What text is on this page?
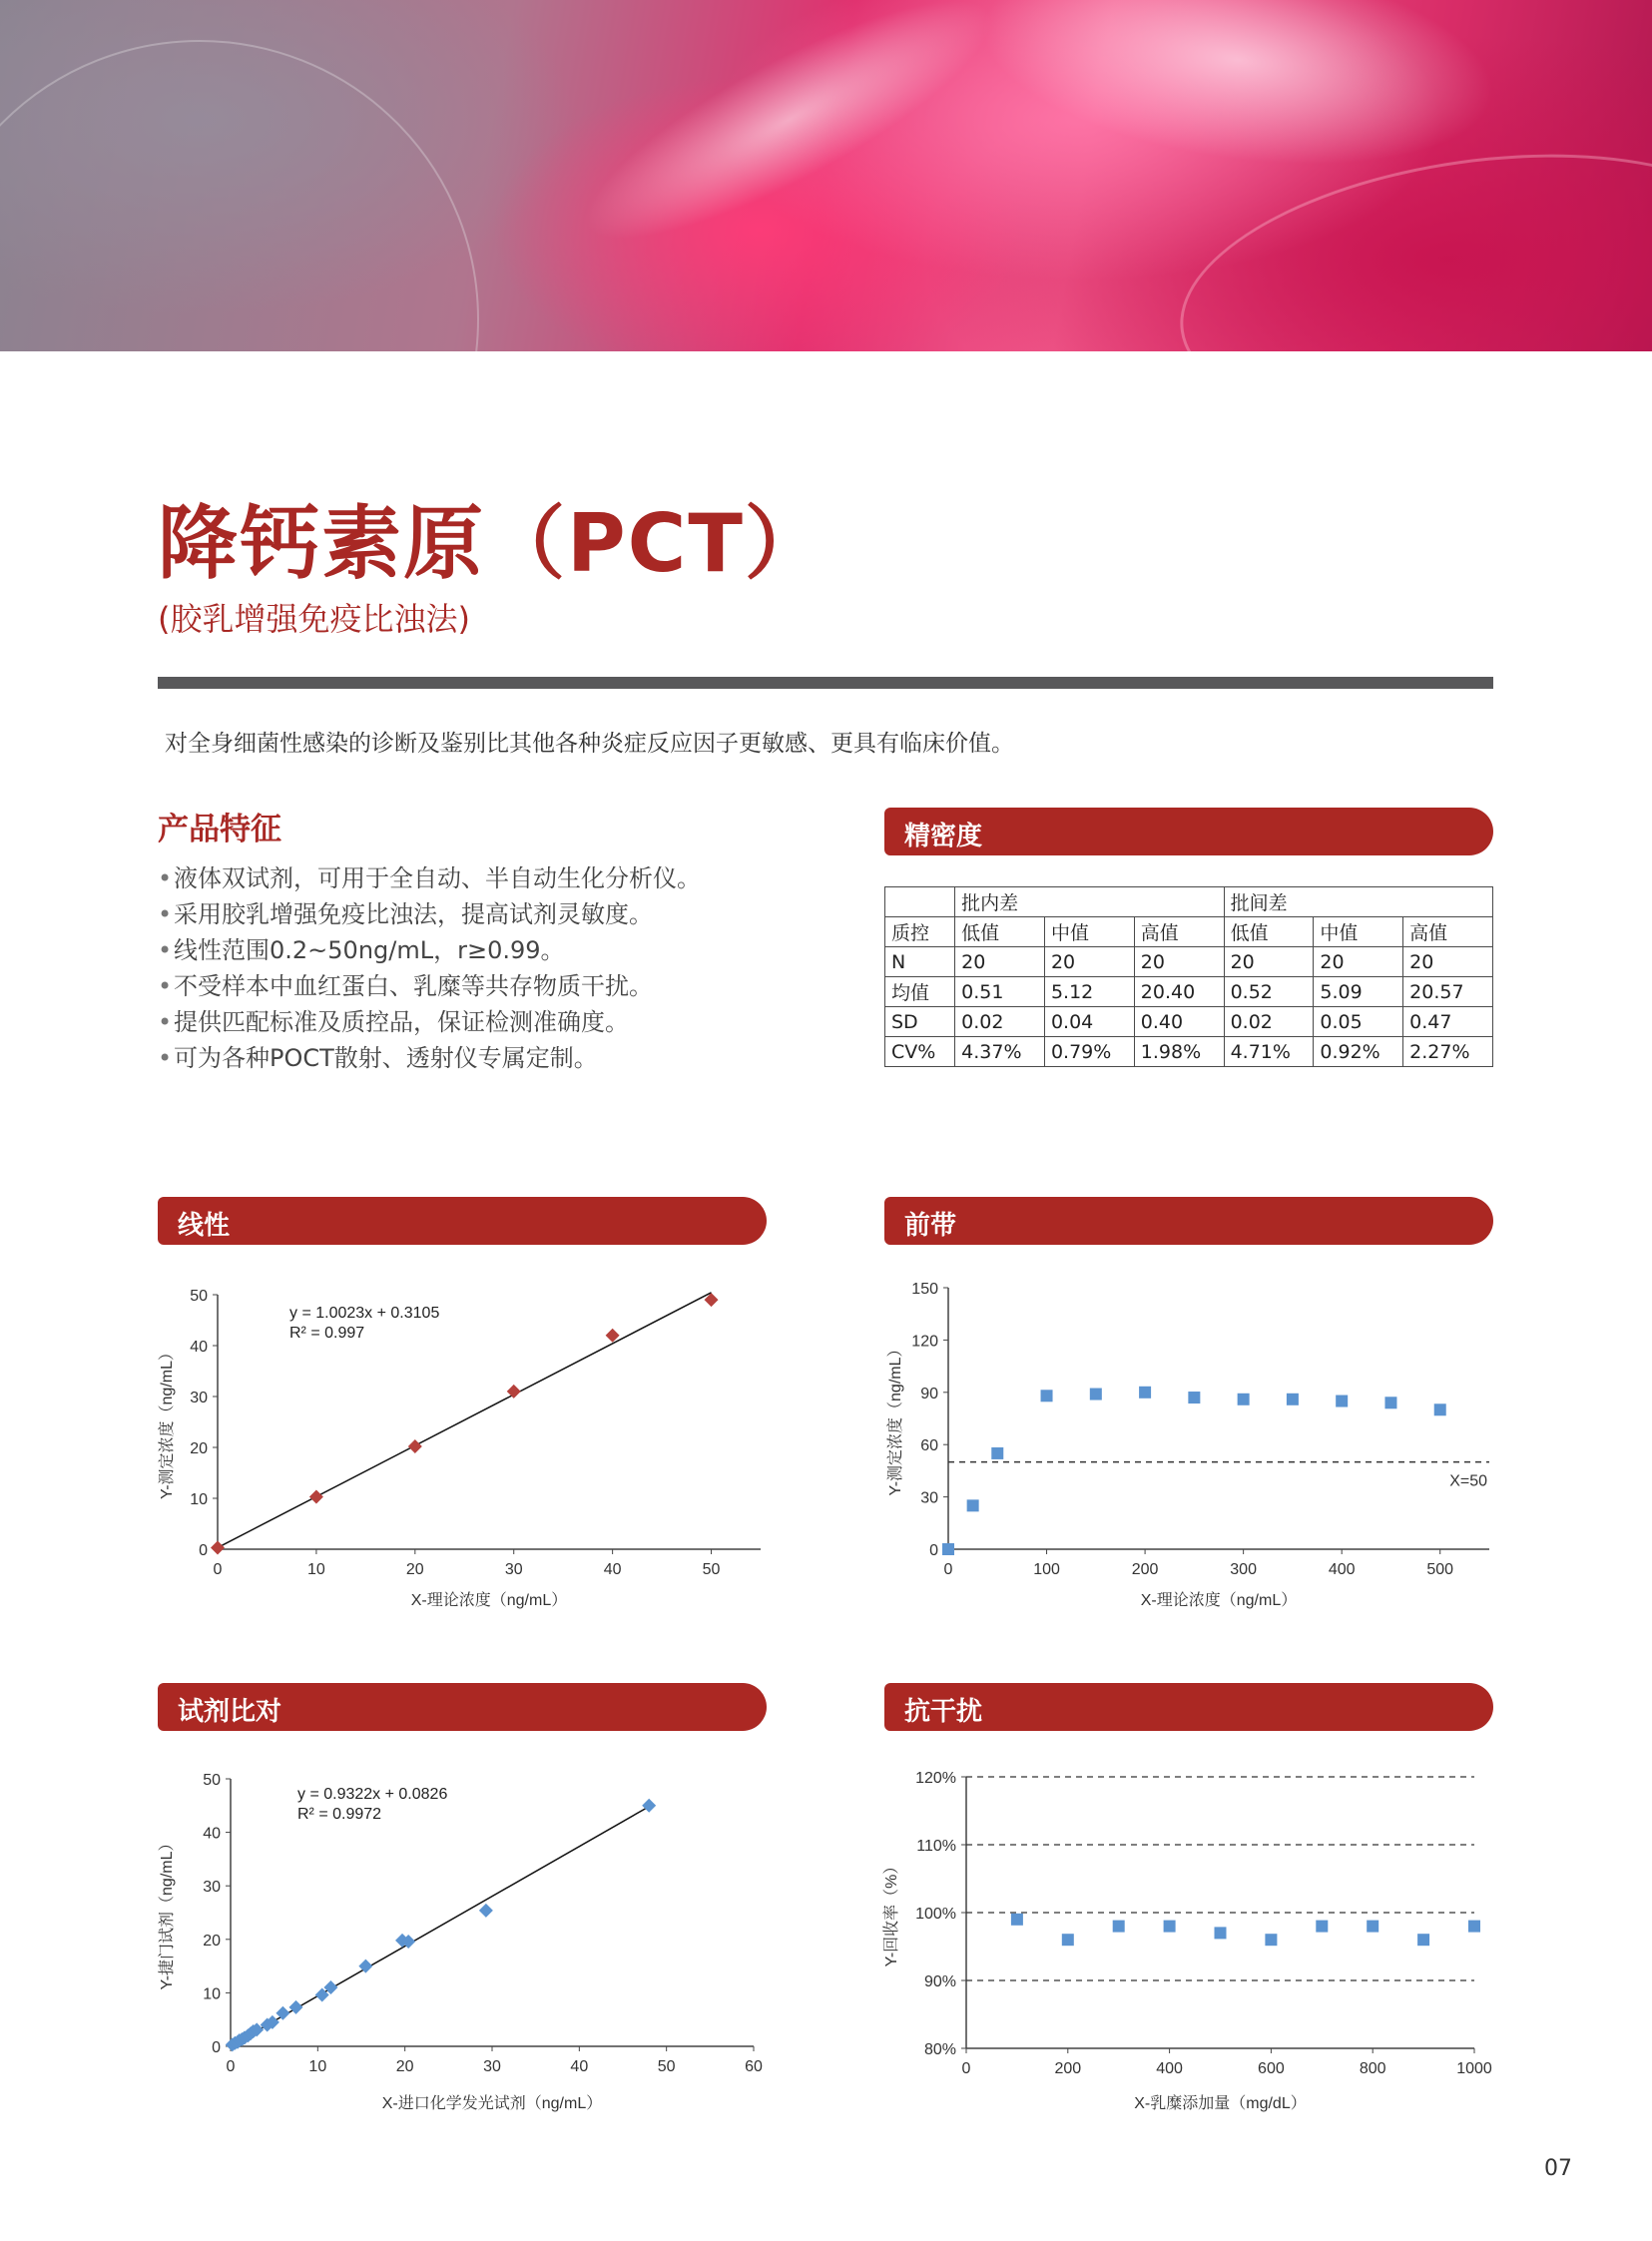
降钙素原（PCT）
(胶乳增强免疫比浊法)
对全身细菌性感染的诊断及鉴别比其他各种炎症反应因子更敏感、更具有临床价值。
产品特征
•液体双试剂，可用于全自动、半自动生化分析仪。
•采用胶乳增强免疫比浊法，提高试剂灵敏度。
•线性范围0.2~50ng/mL，r≥0.99。
•不受样本中血红蛋白、乳糜等共存物质干扰。
•提供匹配标准及质控品，保证检测准确度。
•可为各种POCT散射、透射仪专属定制。
精密度
	批内差			批间差		
质控	低值	中值	高值	低值	中值	高值
N	20	20	20	20	20	20
均值	0.51	5.12	20.40	0.52	5.09	20.57
SD	0.02	0.04	0.40	0.02	0.05	0.47
CV%	4.37%	0.79%	1.98%	4.71%	0.92%	2.27%
线性	前带
试剂比对	抗干扰
0	10	20	30	40	50
0
10
20
30
40
50
X-理论浓度（ng/mL）
Y-测定浓度（ng/mL）
y = 1.0023x + 0.3105
R² = 0.997
0	100	200	300	400	500
0
30
60
90
120
150
X-理论浓度（ng/mL）
Y-测定浓度（ng/mL）	X=50
0	10	20	30	40	50	60
0
10
20
30
40
50
X-进口化学发光试剂（ng/mL）
Y-捷门试剂（ng/mL）
y = 0.9322x + 0.0826
R² = 0.9972
0	200	400	600	800	1000
80%
90%
100%
110%
120%
X-乳糜添加量（mg/dL）
Y-回收率（%）
07
